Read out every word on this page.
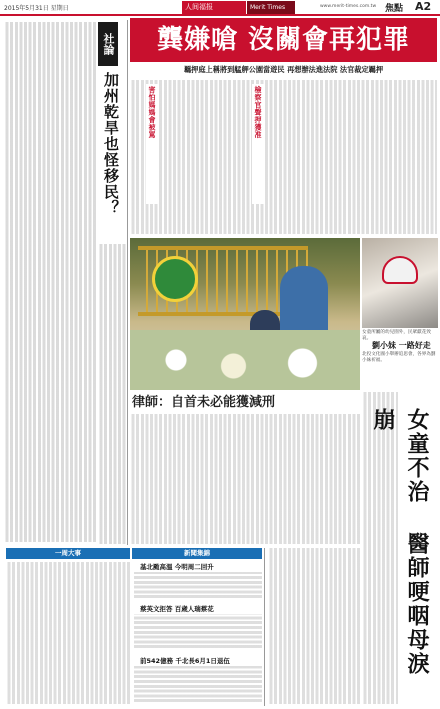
2015年5月31日 星期日	人间福报	Merit Times	www.merit-times.com.tw 焦點 A2
社論
加州乾旱也怪移民？
龔嫌嗆 沒關會再犯罪
羈押庭上稱將到艋舺公園當遊民 再想辦法進法院 法官裁定羈押
檢察官聲押獲准
害怕媽媽會被罵
女童所屬的幼兒園外，民眾獻花致哀。
劉小妹 一路好走
北投文化國小舉辦追思會，各界為劉小妹祈福。
律師：自首未必能獲減刑
女童不治 醫師哽咽母淚崩
一周大事	新聞集錦
基北颱高溫 今明周二回升
蔡英文拒答 百歲人瑞蔡花
前542億務 千北長6月1日退伍
